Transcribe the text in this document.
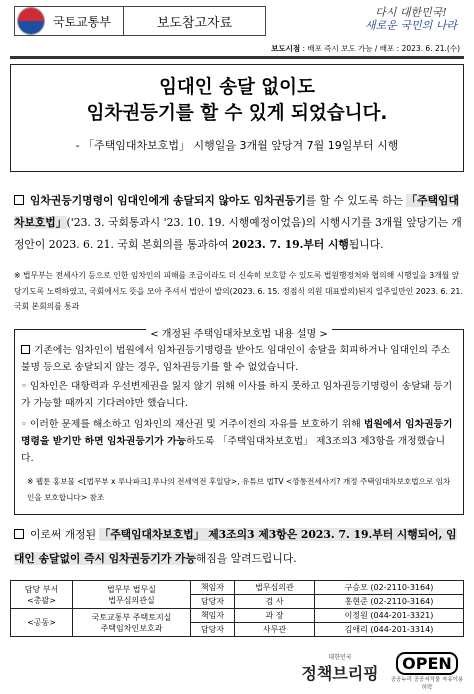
국토교통부	보도참고자료
다시 대한민국!
새로운 국민의 나라
보도시점 : 배포 즉시 보도 가능 / 배포 : 2023. 6. 21.(수)
임대인 송달 없이도
임차권등기를 할 수 있게 되었습니다.
- 「주택임대차보호법」 시행일을 3개월 앞당겨 7월 19일부터 시행
임차권등기명령이 임대인에게 송달되지 않아도 임차권등기를 할 수 있도록 하는 「주택임대차보호법」('23. 3. 국회통과시 '23. 10. 19. 시행예정이었음)의 시행시기를 3개월 앞당기는 개정안이 2023. 6. 21. 국회 본회의를 통과하여 2023. 7. 19.부터 시행됩니다.
※ 법무부는 전세사기 등으로 인한 임차인의 피해를 조금이라도 더 신속히 보호할 수 있도록 법원행정처와 협의해 시행일을 3개월 앞당기도록 노력하였고, 국회에서도 뜻을 모아 주셔서 법안이 발의(2023. 6. 15. 정점식 의원 대표발의)된지 일주일만인 2023. 6. 21. 국회 본회의를 통과
< 개정된 주택임대차보호법 내용 설명 >
기존에는 임차인이 법원에서 임차권등기명령을 받아도 임대인이 송달을 회피하거나 임대인의 주소불명 등으로 송달되지 않는 경우, 임차권등기를 할 수 없었습니다.
◦ 임차인은 대항력과 우선변제권을 잃지 않기 위해 이사를 하지 못하고 임차권등기명령이 송달돼 등기가 가능할 때까지 기다려야만 했습니다.
◦ 이러한 문제를 해소하고 임차인의 재산권 및 거주이전의 자유를 보호하기 위해 법원에서 임차권등기명령을 받기만 하면 임차권등기가 가능하도록 「주택임대차보호법」 제3조의3 제3항을 개정했습니다.
※ 웹툰 홍보물 <[법무부 x 루나파크] 루나의 전세역전 후일담>, 유튜브 법TV <깡통전세사기? 개정 주택임대차보호법으로 임차인을 보호합니다> 참조
이로써 개정된 「주택임대차보호법」 제3조의3 제3항은 2023. 7. 19.부터 시행되어, 임대인 송달없이 즉시 임차권등기가 가능해짐을 알려드립니다.
담당 부서
<총괄>	법무부 법무실
법무심의관실	책임자	법무심의관	구승모 (02-2110-3164)
		담당자	검 사	홍현준 (02-2110-3164)
<공동>	국토교통부 주택토지실
주택임차인보호과	책임자	과 장	이정원 (044-201-3321)
		담당자	사무관	김애리 (044-201-3314)
대한민국
정책브리핑
OPEN
공공누리 공공저작물 자유이용허락
